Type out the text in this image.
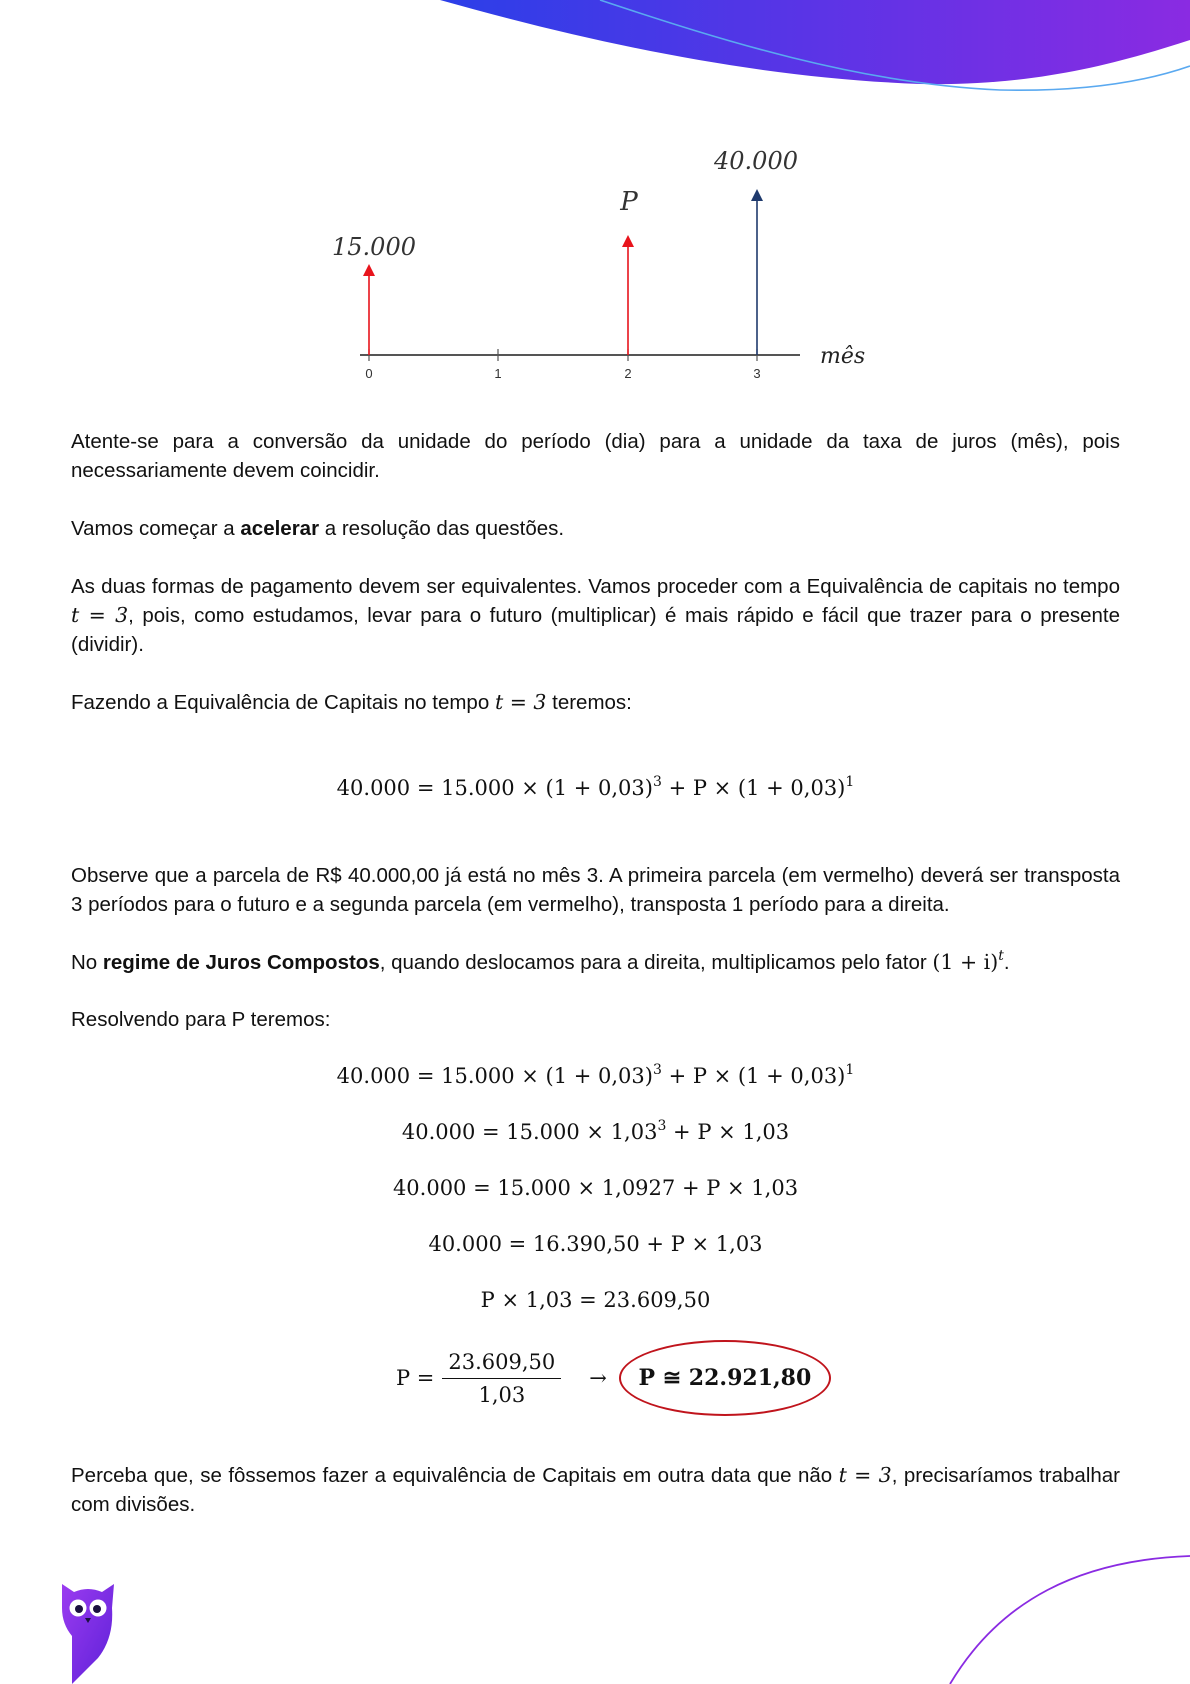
0	1	2	3
mês
15.000
P
40.000

Atente-se para a conversão da unidade do período (dia) para a unidade da taxa de juros (mês), pois necessariamente devem coincidir.

Vamos começar a acelerar a resolução das questões.

As duas formas de pagamento devem ser equivalentes. Vamos proceder com a Equivalência de capitais no tempo t = 3, pois, como estudamos, levar para o futuro (multiplicar) é mais rápido e fácil que trazer para o presente (dividir).

Fazendo a Equivalência de Capitais no tempo t = 3 teremos:

$40.000 = 15.000 \times (1 + 0,03)^3 + P \times (1 + 0,03)^1$

Observe que a parcela de R$ 40.000,00 já está no mês 3. A primeira parcela (em vermelho) deverá ser transposta 3 períodos para o futuro e a segunda parcela (em vermelho), transposta 1 período para a direita.

No regime de Juros Compostos, quando deslocamos para a direita, multiplicamos pelo fator $(1 + i)^t$.

Resolvendo para P teremos:

$40.000 = 15.000 \times (1 + 0,03)^3 + P \times (1 + 0,03)^1$
$40.000 = 15.000 \times 1,03^3 + P \times 1,03$
40.000 = 15.000 × 1,0927 + P × 1,03
40.000 = 16.390,50 + P × 1,03
P × 1,03 = 23.609,50
$P = \frac{23.609,50}{1,03}$ →	P ≅ 22.921,80

Perceba que, se fôssemos fazer a equivalência de Capitais em outra data que não t = 3, precisaríamos trabalhar com divisões.
